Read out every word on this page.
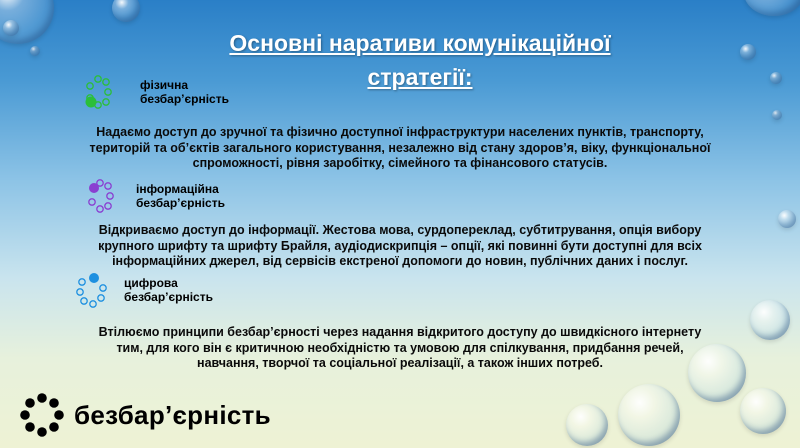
Основні наративи комунікаційної
стратегії:
фізична
безбар’єрність
Надаємо доступ до зручної та фізично доступної інфраструктури населених пунктів, транспорту,
територій та об’єктів загального користування, незалежно від стану здоров’я, віку, функціональної
спроможності, рівня заробітку, сімейного та фінансового статусів.
інформаційна
безбар’єрність
Відкриваємо доступ до інформації. Жестова мова, сурдопереклад, субтитрування, опція вибору
крупного шрифту та шрифту Брайля, аудіодискрипція – опції, які повинні бути доступні для всіх
інформаційних джерел, від сервісів екстреної допомоги до новин, публічних даних і послуг.
цифрова
безбар’єрність
Втілюємо принципи безбар’єрності через надання відкритого доступу до швидкісного інтернету
тим, для кого він є критичною необхідністю та умовою для спілкування, придбання речей,
навчання, творчої та соціальної реалізації, а також інших потреб.
безбар’єрність
